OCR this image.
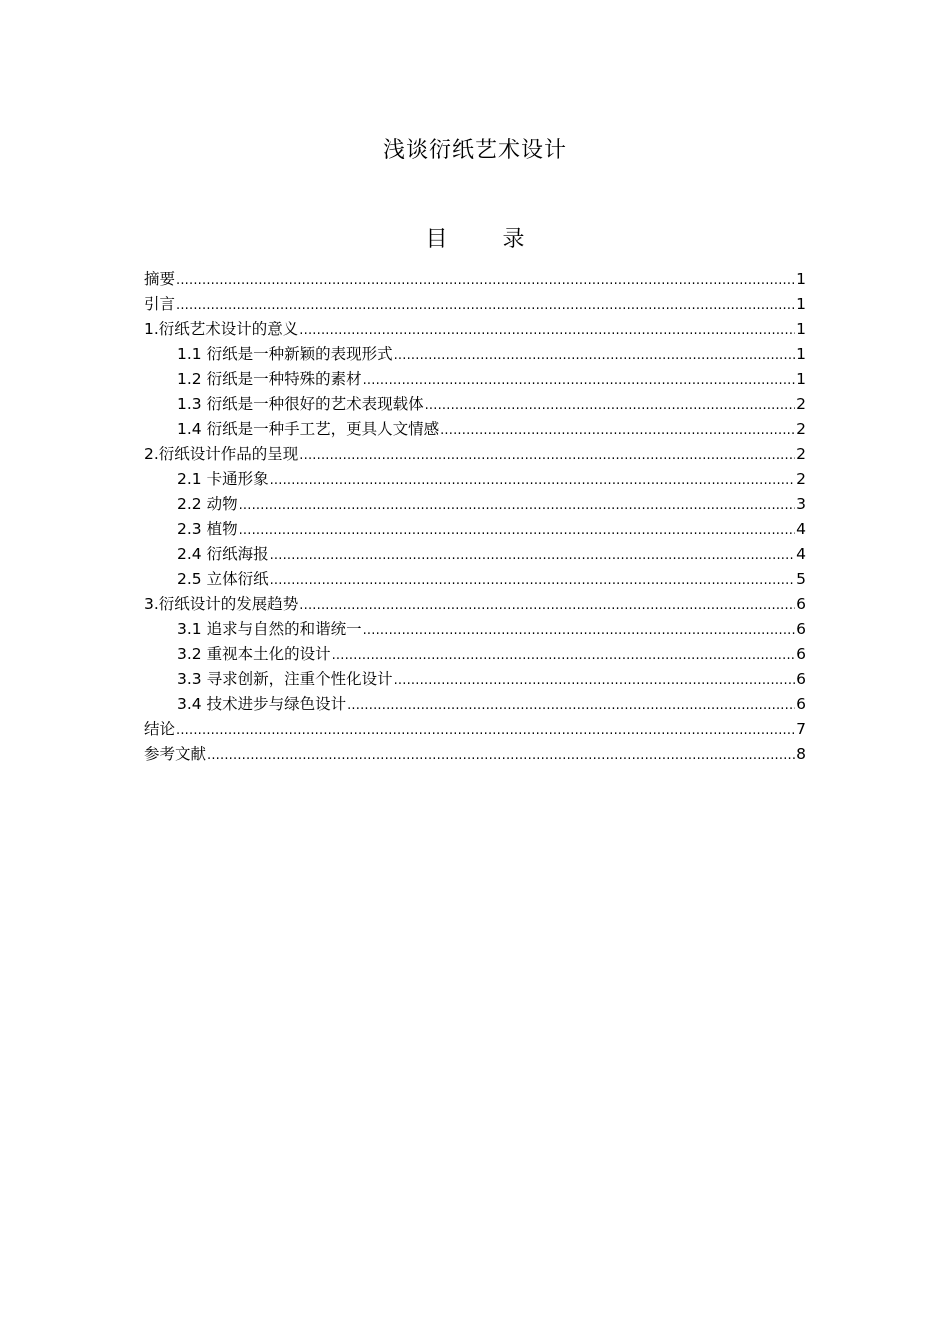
浅谈衍纸艺术设计
目 录
摘要 .....	1
引言 .....	1
1.衍纸艺术设计的意义 .....	1
1.1 衍纸是一种新颖的表现形式 .....	1
1.2 衍纸是一种特殊的素材 .....	1
1.3 衍纸是一种很好的艺术表现载体 .....	2
1.4 衍纸是一种手工艺，更具人文情感 .....	2
2.衍纸设计作品的呈现 .....	2
2.1 卡通形象 .....	2
2.2 动物 .....	3
2.3 植物 .....	4
2.4 衍纸海报 .....	4
2.5 立体衍纸 .....	5
3.衍纸设计的发展趋势 .....	6
3.1 追求与自然的和谐统一 .....	6
3.2 重视本土化的设计 .....	6
3.3 寻求创新，注重个性化设计 .....	6
3.4 技术进步与绿色设计 .....	6
结论 .....	7
参考文献 .....	8
